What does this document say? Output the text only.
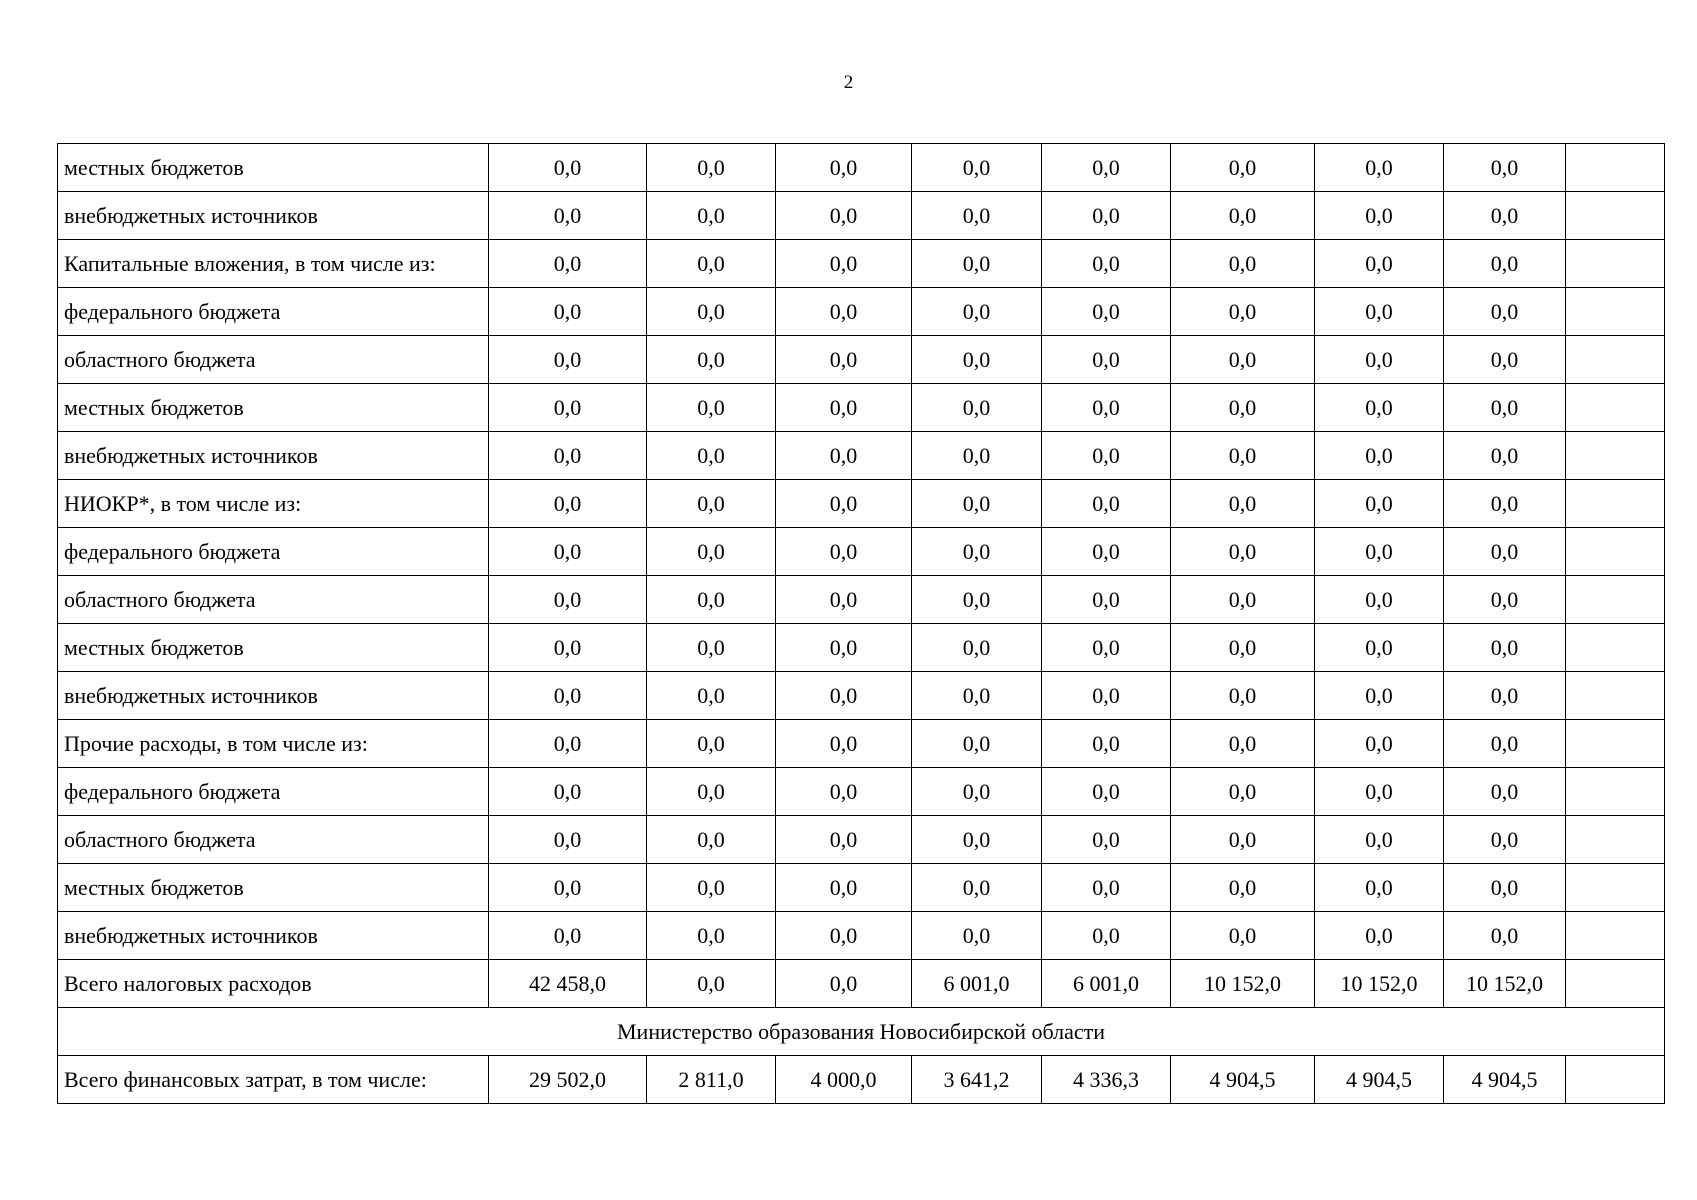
2
местных бюджетов	0,0	0,0	0,0	0,0	0,0	0,0	0,0	0,0	
внебюджетных источников	0,0	0,0	0,0	0,0	0,0	0,0	0,0	0,0	
Капитальные вложения, в том числе из:	0,0	0,0	0,0	0,0	0,0	0,0	0,0	0,0	
федерального бюджета	0,0	0,0	0,0	0,0	0,0	0,0	0,0	0,0	
областного бюджета	0,0	0,0	0,0	0,0	0,0	0,0	0,0	0,0	
местных бюджетов	0,0	0,0	0,0	0,0	0,0	0,0	0,0	0,0	
внебюджетных источников	0,0	0,0	0,0	0,0	0,0	0,0	0,0	0,0	
НИОКР*, в том числе из:	0,0	0,0	0,0	0,0	0,0	0,0	0,0	0,0	
федерального бюджета	0,0	0,0	0,0	0,0	0,0	0,0	0,0	0,0	
областного бюджета	0,0	0,0	0,0	0,0	0,0	0,0	0,0	0,0	
местных бюджетов	0,0	0,0	0,0	0,0	0,0	0,0	0,0	0,0	
внебюджетных источников	0,0	0,0	0,0	0,0	0,0	0,0	0,0	0,0	
Прочие расходы, в том числе из:	0,0	0,0	0,0	0,0	0,0	0,0	0,0	0,0	
федерального бюджета	0,0	0,0	0,0	0,0	0,0	0,0	0,0	0,0	
областного бюджета	0,0	0,0	0,0	0,0	0,0	0,0	0,0	0,0	
местных бюджетов	0,0	0,0	0,0	0,0	0,0	0,0	0,0	0,0	
внебюджетных источников	0,0	0,0	0,0	0,0	0,0	0,0	0,0	0,0	
Всего налоговых расходов	42 458,0	0,0	0,0	6 001,0	6 001,0	10 152,0	10 152,0	10 152,0	
Министерство образования Новосибирской области									
Всего финансовых затрат, в том числе:	29 502,0	2 811,0	4 000,0	3 641,2	4 336,3	4 904,5	4 904,5	4 904,5	
